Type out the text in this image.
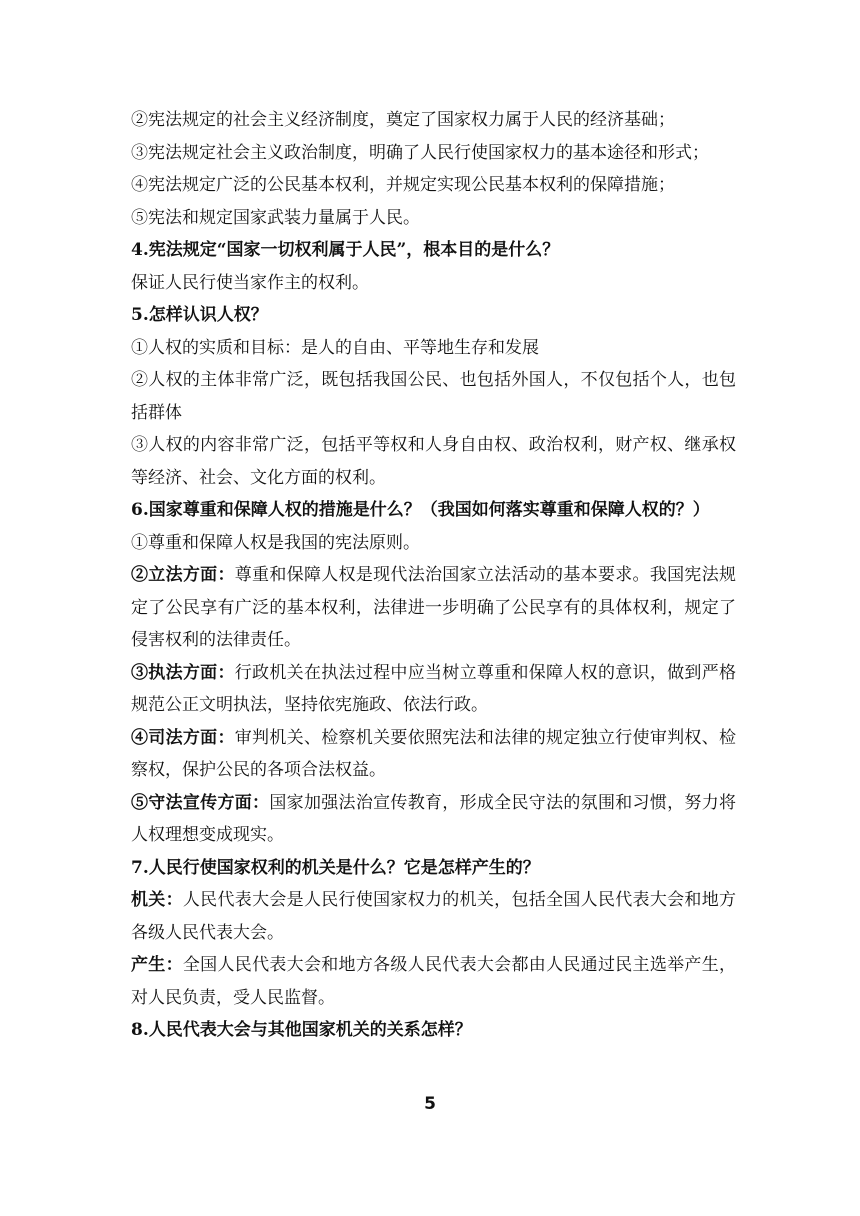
②宪法规定的社会主义经济制度，奠定了国家权力属于人民的经济基础；

③宪法规定社会主义政治制度，明确了人民行使国家权力的基本途径和形式；

④宪法规定广泛的公民基本权利，并规定实现公民基本权利的保障措施；

⑤宪法和规定国家武装力量属于人民。

4.宪法规定“国家一切权利属于人民”，根本目的是什么？

保证人民行使当家作主的权利。

5.怎样认识人权？

①人权的实质和目标：是人的自由、平等地生存和发展

②人权的主体非常广泛，既包括我国公民、也包括外国人，不仅包括个人，也包括群体

③人权的内容非常广泛，包括平等权和人身自由权、政治权利，财产权、继承权等经济、社会、文化方面的权利。

6.国家尊重和保障人权的措施是什么？（我国如何落实尊重和保障人权的？）

①尊重和保障人权是我国的宪法原则。

②立法方面：尊重和保障人权是现代法治国家立法活动的基本要求。我国宪法规定了公民享有广泛的基本权利，法律进一步明确了公民享有的具体权利，规定了侵害权利的法律责任。

③执法方面：行政机关在执法过程中应当树立尊重和保障人权的意识，做到严格规范公正文明执法，坚持依宪施政、依法行政。

④司法方面：审判机关、检察机关要依照宪法和法律的规定独立行使审判权、检察权，保护公民的各项合法权益。

⑤守法宣传方面：国家加强法治宣传教育，形成全民守法的氛围和习惯，努力将人权理想变成现实。

7.人民行使国家权利的机关是什么？它是怎样产生的？

机关：人民代表大会是人民行使国家权力的机关，包括全国人民代表大会和地方各级人民代表大会。

产生：全国人民代表大会和地方各级人民代表大会都由人民通过民主选举产生，对人民负责，受人民监督。

8.人民代表大会与其他国家机关的关系怎样？

5
